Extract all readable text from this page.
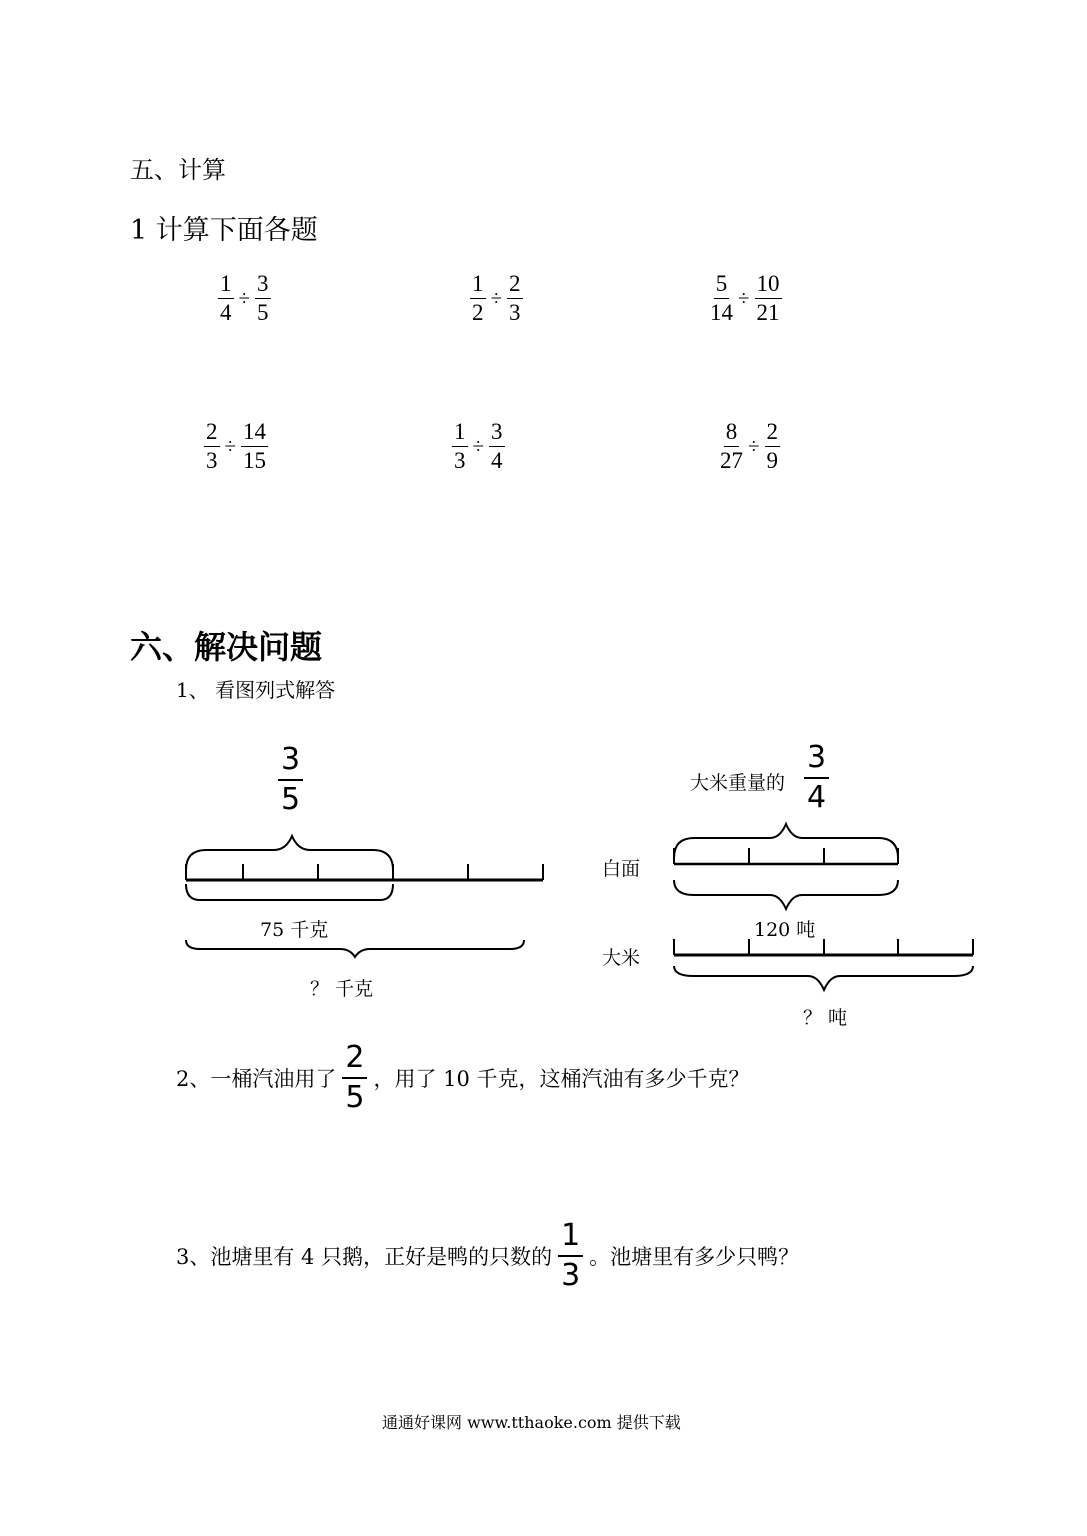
五、计算
1 计算下面各题
$\frac{1}{4} \div \frac{3}{5}$	$\frac{1}{2} \div \frac{2}{3}$	$\frac{5}{14} \div \frac{10}{21}$
$\frac{2}{3} \div \frac{14}{15}$	$\frac{1}{3} \div \frac{3}{4}$	$\frac{8}{27} \div \frac{2}{9}$
六、解决问题
1、 看图列式解答
$\frac{3}{5}$
75 千克
？ 千克
大米重量的 $\frac{3}{4}$
白面
120 吨
大米
？ 吨
2、一桶汽油用了 $\frac{2}{5}$ ，用了 10 千克，这桶汽油有多少千克？
3、池塘里有 4 只鹅，正好是鸭的只数的 $\frac{1}{3}$ 。池塘里有多少只鸭？
通通好课网 www.tthaoke.com 提供下载
